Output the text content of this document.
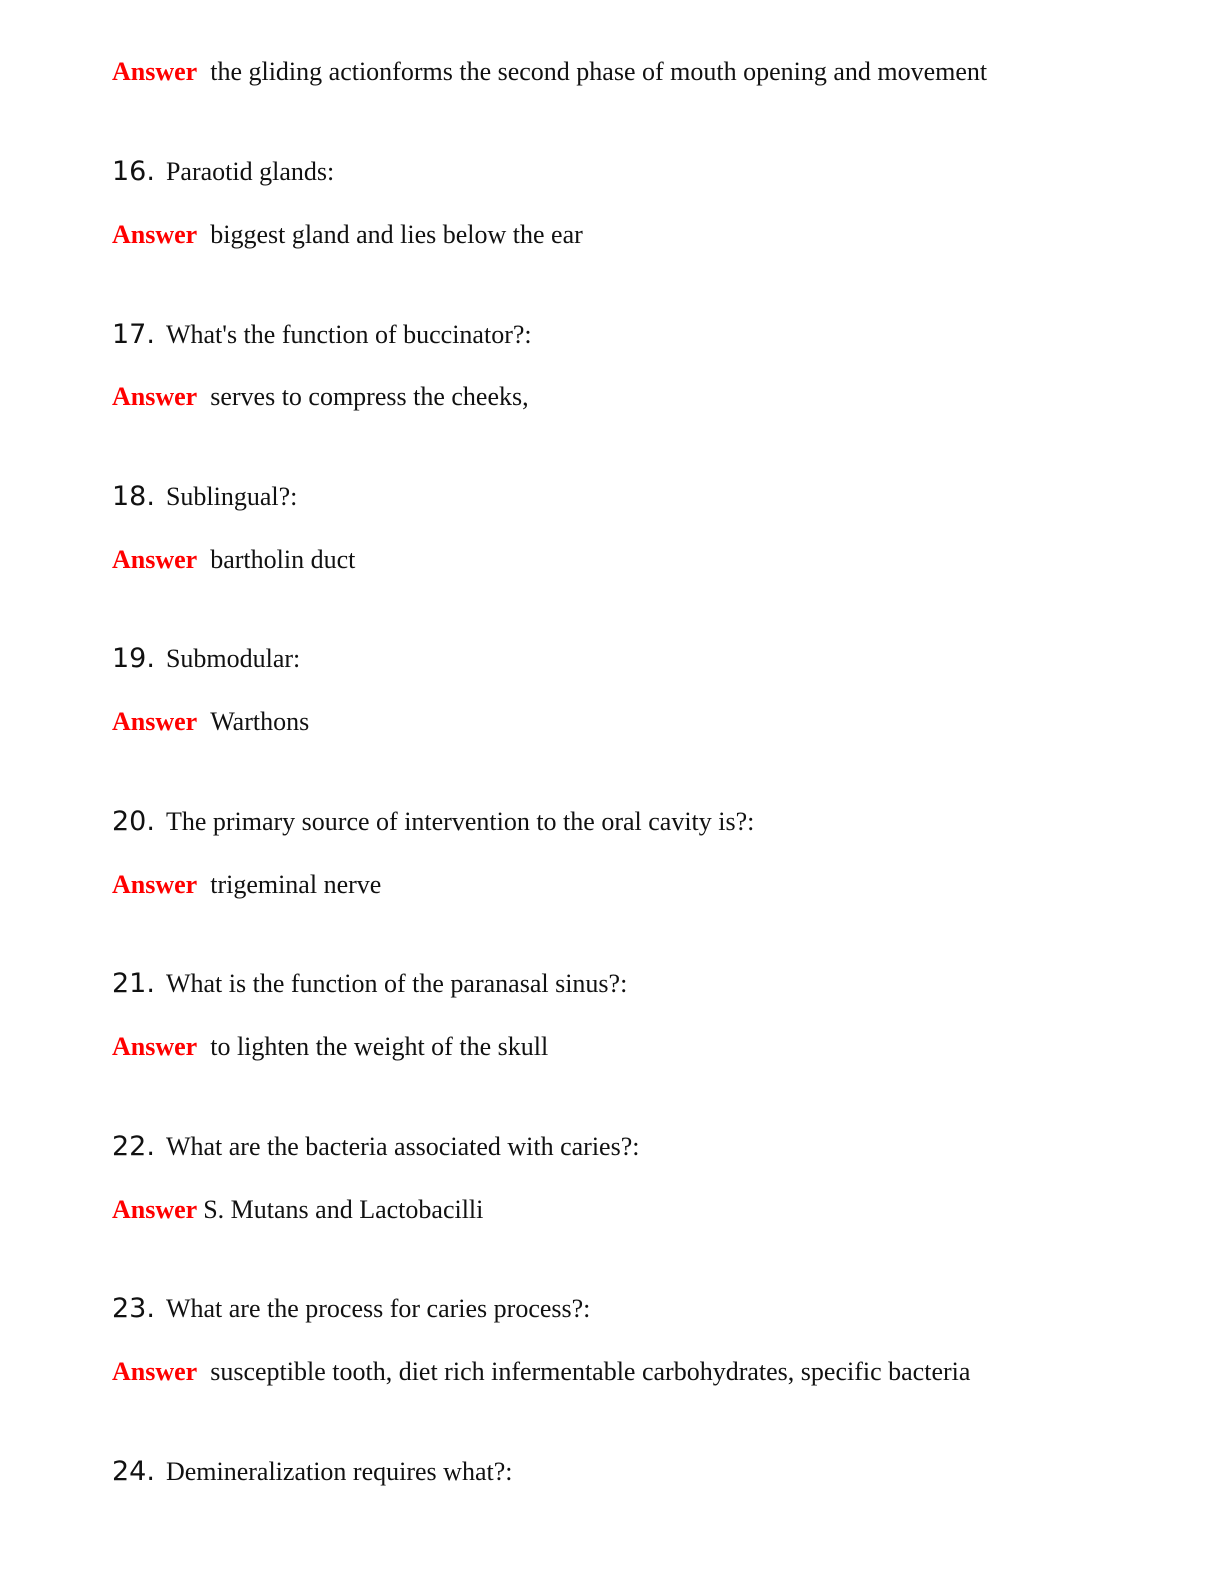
Answer the gliding actionforms the second phase of mouth opening and movement
16. Paraotid glands:
Answer biggest gland and lies below the ear
17. What's the function of buccinator?:
Answer serves to compress the cheeks,
18. Sublingual?:
Answer bartholin duct
19. Submodular:
Answer Warthons
20. The primary source of intervention to the oral cavity is?:
Answer trigeminal nerve
21. What is the function of the paranasal sinus?:
Answer to lighten the weight of the skull
22. What are the bacteria associated with caries?:
Answer S. Mutans and Lactobacilli
23. What are the process for caries process?:
Answer susceptible tooth, diet rich infermentable carbohydrates, specific bacteria
24. Demineralization requires what?:
